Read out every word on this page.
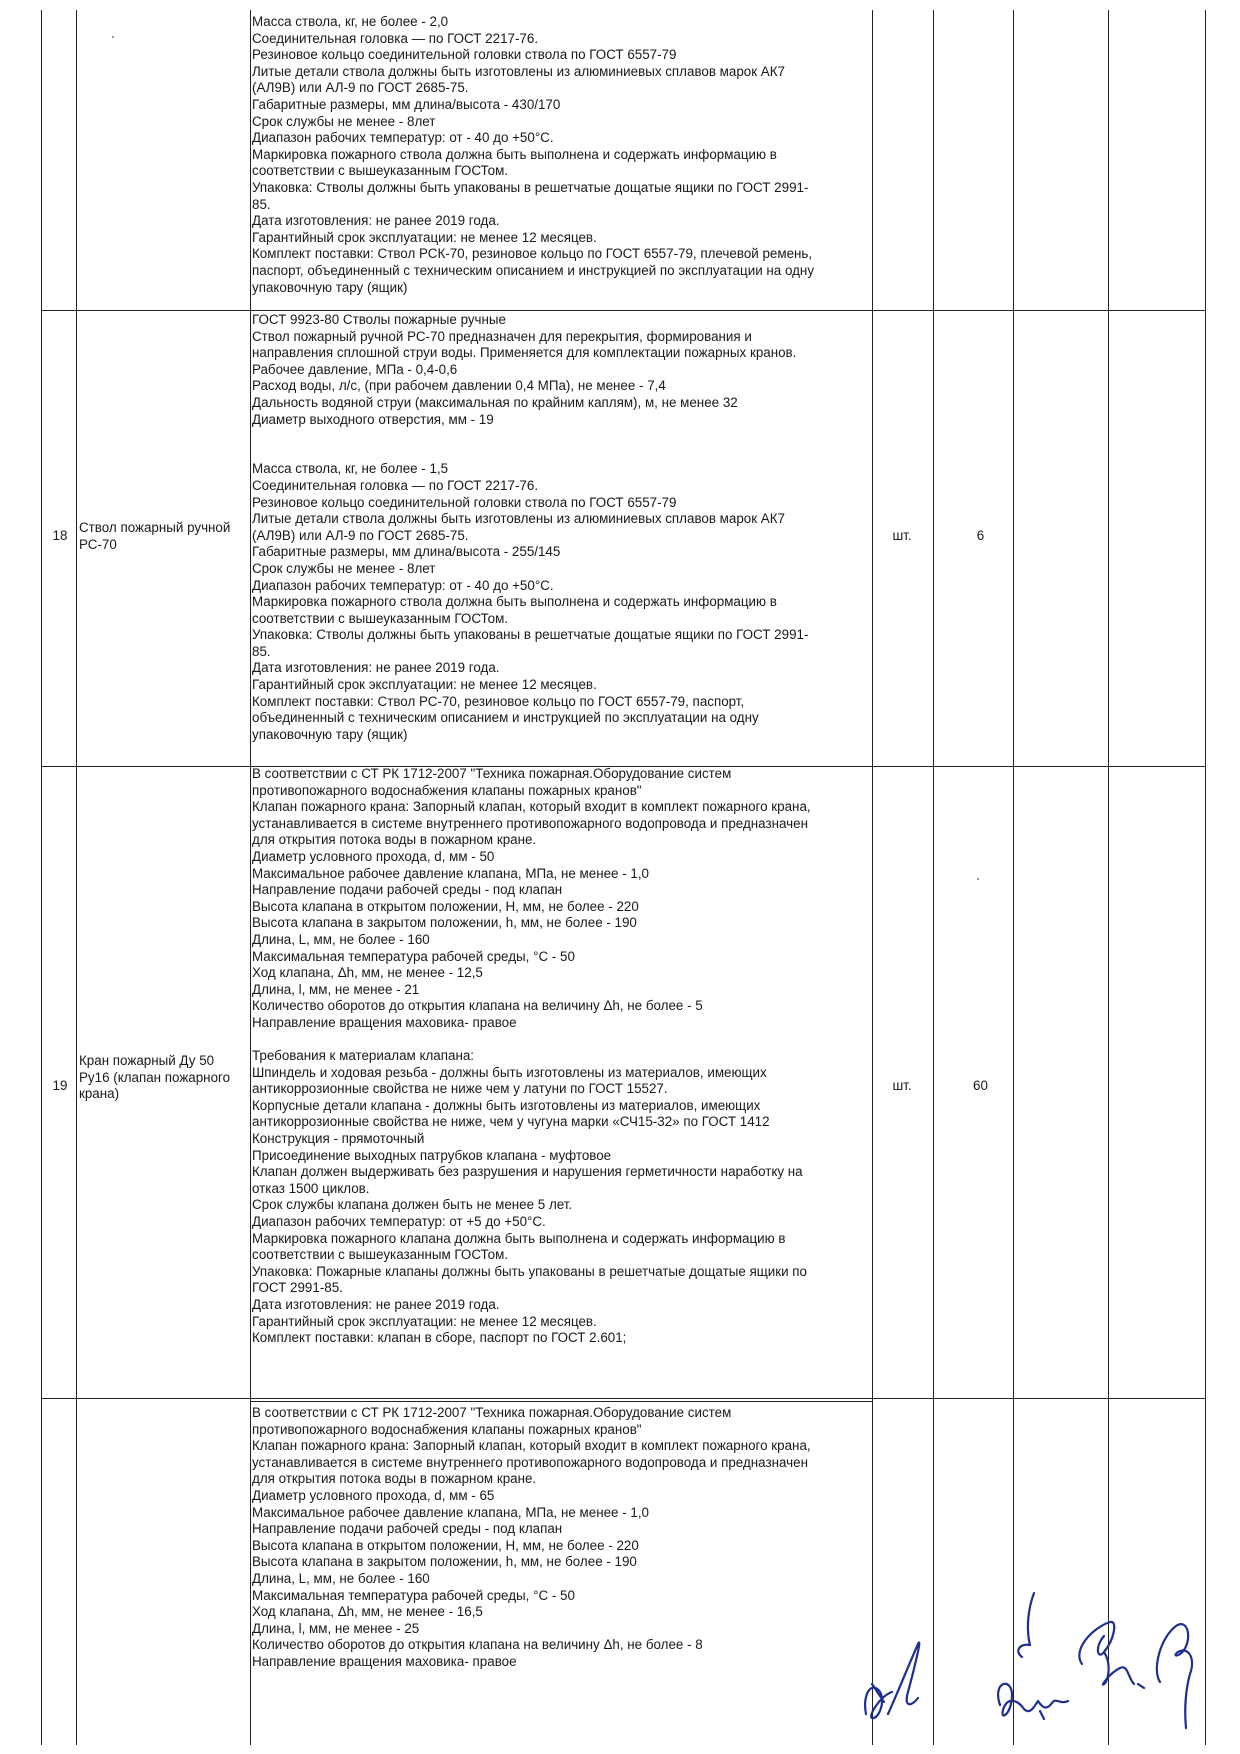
Масса ствола, кг, не более - 2,0
Соединительная головка — по ГОСТ 2217-76.
Резиновое кольцо соединительной головки ствола по ГОСТ 6557-79
Литые детали ствола должны быть изготовлены из алюминиевых сплавов марок АК7
(АЛ9В) или АЛ-9 по ГОСТ 2685-75.
Габаритные размеры, мм длина/высота - 430/170
Срок службы не менее - 8лет
Диапазон рабочих температур: от - 40 до +50°С.
Маркировка пожарного ствола должна быть выполнена и содержать информацию в
соответствии с вышеуказанным ГОСТом.
Упаковка: Стволы должны быть упакованы в решетчатые дощатые ящики по ГОСТ 2991-
85.
Дата изготовления: не ранее 2019 года.
Гарантийный срок эксплуатации: не менее 12 месяцев.
Комплект поставки: Ствол РСК-70, резиновое кольцо по ГОСТ 6557-79, плечевой ремень,
паспорт, объединенный с техническим описанием и инструкцией по эксплуатации на одну
упаковочную тару (ящик)
ГОСТ 9923-80 Стволы пожарные ручные
Ствол пожарный ручной РС-70 предназначен для перекрытия, формирования и
направления сплошной струи воды. Применяется для комплектации пожарных кранов.
Рабочее давление, МПа - 0,4-0,6
Расход воды, л/с, (при рабочем давлении 0,4 МПа), не менее - 7,4
Дальность водяной струи (максимальная по крайним каплям), м, не менее 32
Диаметр выходного отверстия, мм - 19

Масса ствола, кг, не более - 1,5
Соединительная головка — по ГОСТ 2217-76.
Резиновое кольцо соединительной головки ствола по ГОСТ 6557-79
Литые детали ствола должны быть изготовлены из алюминиевых сплавов марок АК7
(АЛ9В) или АЛ-9 по ГОСТ 2685-75.
Габаритные размеры, мм длина/высота - 255/145
Срок службы не менее - 8лет
Диапазон рабочих температур: от - 40 до +50°С.
Маркировка пожарного ствола должна быть выполнена и содержать информацию в
соответствии с вышеуказанным ГОСТом.
Упаковка: Стволы должны быть упакованы в решетчатые дощатые ящики по ГОСТ 2991-
85.
Дата изготовления: не ранее 2019 года.
Гарантийный срок эксплуатации: не менее 12 месяцев.
Комплект поставки: Ствол РС-70, резиновое кольцо по ГОСТ 6557-79, паспорт,
объединенный с техническим описанием и инструкцией по эксплуатации на одну
упаковочную тару (ящик)
18
Ствол пожарный ручной
РС-70
шт.	6
В соответствии с СТ РК 1712-2007 "Техника пожарная.Оборудование систем
противопожарного водоснабжения клапаны пожарных кранов"
Клапан пожарного крана: Запорный клапан, который входит в комплект пожарного крана,
устанавливается в системе внутреннего противопожарного водопровода и предназначен
для открытия потока воды в пожарном кране.
Диаметр условного прохода, d, мм - 50
Максимальное рабочее давление клапана, МПа, не менее - 1,0
Направление подачи рабочей среды - под клапан
Высота клапана в открытом положении, Н, мм, не более - 220
Высота клапана в закрытом положении, h, мм, не более - 190
Длина, L, мм, не более - 160
Максимальная температура рабочей среды, °С - 50
Ход клапана, Δh, мм, не менее - 12,5
Длина, l, мм, не менее - 21
Количество оборотов до открытия клапана на величину Δh, не более - 5
Направление вращения маховика- правое

Требования к материалам клапана:
Шпиндель и ходовая резьба - должны быть изготовлены из материалов, имеющих
антикоррозионные свойства не ниже чем у латуни по ГОСТ 15527.
Корпусные детали клапана - должны быть изготовлены из материалов, имеющих
антикоррозионные свойства не ниже, чем у чугуна марки «СЧ15-32» по ГОСТ 1412
Конструкция - прямоточный
Присоединение выходных патрубков клапана - муфтовое
Клапан должен выдерживать без разрушения и нарушения герметичности наработку на
отказ 1500 циклов.
Срок службы клапана должен быть не менее 5 лет.
Диапазон рабочих температур: от +5 до +50°С.
Маркировка пожарного клапана должна быть выполнена и содержать информацию в
соответствии с вышеуказанным ГОСТом.
Упаковка: Пожарные клапаны должны быть упакованы в решетчатые дощатые ящики по
ГОСТ 2991-85.
Дата изготовления: не ранее 2019 года.
Гарантийный срок эксплуатации: не менее 12 месяцев.
Комплект поставки: клапан в сборе, паспорт по ГОСТ 2.601;
19
Кран пожарный Ду 50
Ру16 (клапан пожарного
крана)
шт.	60
В соответствии с СТ РК 1712-2007 "Техника пожарная.Оборудование систем
противопожарного водоснабжения клапаны пожарных кранов"
Клапан пожарного крана: Запорный клапан, который входит в комплект пожарного крана,
устанавливается в системе внутреннего противопожарного водопровода и предназначен
для открытия потока воды в пожарном кране.
Диаметр условного прохода, d, мм - 65
Максимальное рабочее давление клапана, МПа, не менее - 1,0
Направление подачи рабочей среды - под клапан
Высота клапана в открытом положении, Н, мм, не более - 220
Высота клапана в закрытом положении, h, мм, не более - 190
Длина, L, мм, не более - 160
Максимальная температура рабочей среды, °С - 50
Ход клапана, Δh, мм, не менее - 16,5
Длина, l, мм, не менее - 25
Количество оборотов до открытия клапана на величину Δh, не более - 8
Направление вращения маховика- правое
